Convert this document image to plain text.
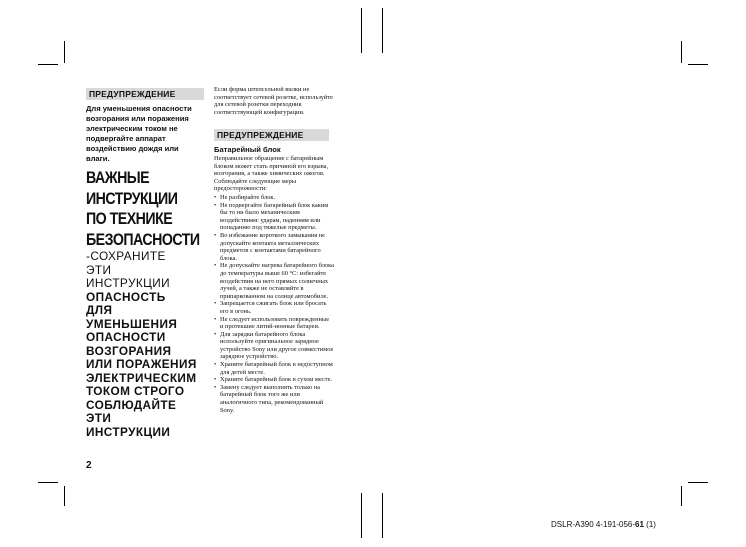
ПРЕДУПРЕЖДЕНИЕ
Для уменьшения опасности возгорания или поражения электрическим током не подвергайте аппарат воздействию дождя или влаги.
ВАЖНЫЕ
ИНСТРУКЦИИ
ПО ТЕХНИКЕ
БЕЗОПАСНОСТИ
-СОХРАНИТЕ
ЭТИ
ИНСТРУКЦИИ
ОПАСНОСТЬ
ДЛЯ
УМЕНЬШЕНИЯ
ОПАСНОСТИ
ВОЗГОРАНИЯ
ИЛИ ПОРАЖЕНИЯ
ЭЛЕКТРИЧЕСКИМ
ТОКОМ СТРОГО
СОБЛЮДАЙТЕ
ЭТИ
ИНСТРУКЦИИ
2
Если форма штепсельной вилки не соответствует сетевой розетке, используйте для сетевой розетки переходник соответствующей конфигурации.
ПРЕДУПРЕЖДЕНИЕ
Батарейный блок
Неправильное обращение с батарейным блоком может стать причиной его взрыва, возгорания, а также химических ожогов. Соблюдайте следующие меры предосторожности:
• Не разбирайте блок.
• Не подвергайте батарейный блок каким бы то ни было механическим воздействиям: ударам, падениям или попаданию под тяжелые предметы.
• Во избежание короткого замыкания не допускайте контакта металлических предметов с контактами батарейного блока.
• Не допускайте нагрева батарейного блока до температуры выше 60 °C: избегайте воздействия на него прямых солнечных лучей, а также не оставляйте в припаркованном на солнце автомобиле.
• Запрещается сжигать блок или бросать его в огонь.
• Не следует использовать поврежденные и протекшие литий-ионные батареи.
• Для зарядки батарейного блока используйте оригинальное зарядное устройство Sony или другое совместимое зарядное устройство.
• Храните батарейный блок в недоступном для детей месте.
• Храните батарейный блок в сухом месте.
• Замену следует выполнять только на батарейный блок того же или аналогичного типа, рекомендованный Sony.
DSLR-A390 4-191-056-61 (1)
